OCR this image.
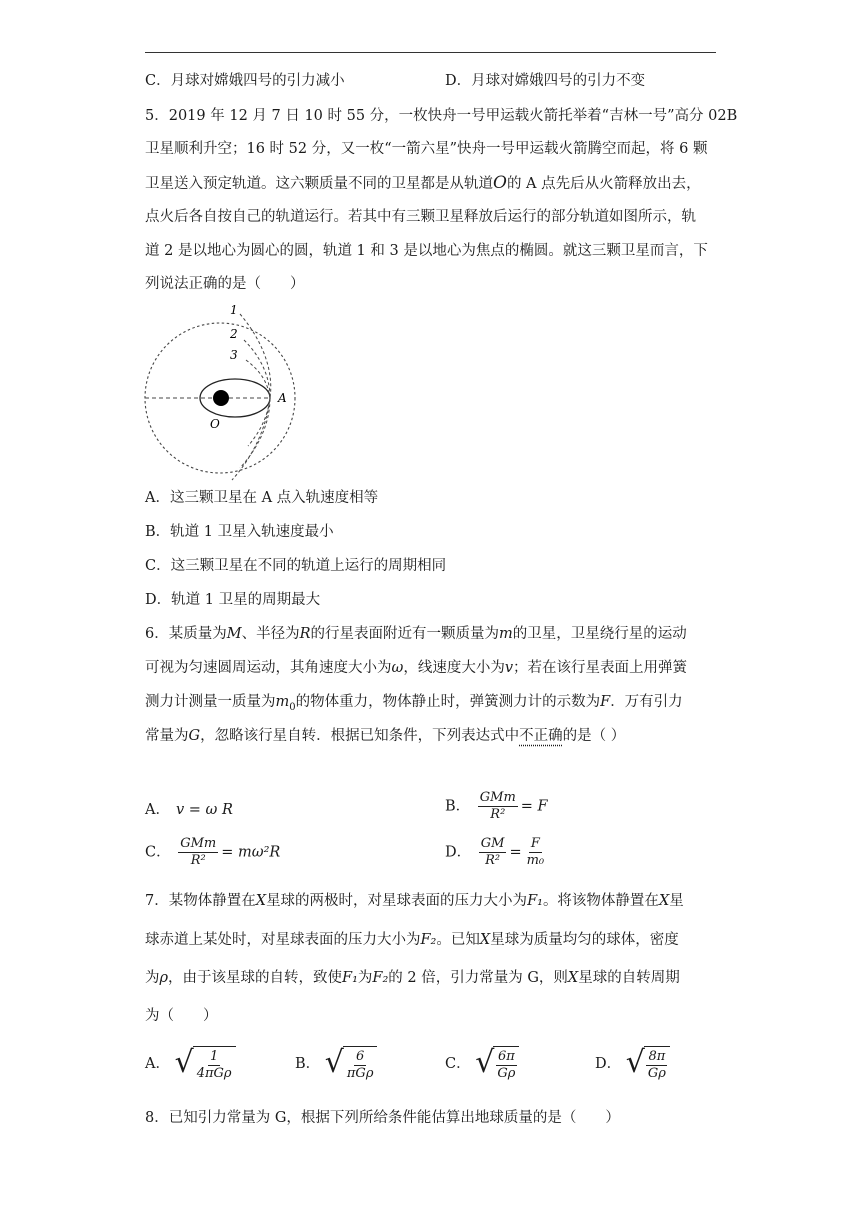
C．月球对嫦娥四号的引力减小	D．月球对嫦娥四号的引力不变
5．2019 年 12 月 7 日 10 时 55 分，一枚快舟一号甲运载火箭托举着“吉林一号”高分 02B
卫星顺利升空；16 时 52 分，又一枚“一箭六星”快舟一号甲运载火箭腾空而起，将 6 颗
卫星送入预定轨道。这六颗质量不同的卫星都是从轨道O的 A 点先后从火箭释放出去，
点火后各自按自己的轨道运行。若其中有三颗卫星释放后运行的部分轨道如图所示，轨
道 2 是以地心为圆心的圆，轨道 1 和 3 是以地心为焦点的椭圆。就这三颗卫星而言，下
列说法正确的是（　　）
1
2
3
A
O
A．这三颗卫星在 A 点入轨速度相等
B．轨道 1 卫星入轨速度最小
C．这三颗卫星在不同的轨道上运行的周期相同
D．轨道 1 卫星的周期最大
6．某质量为M、半径为R的行星表面附近有一颗质量为m的卫星，卫星绕行星的运动
可视为匀速圆周运动，其角速度大小为ω，线速度大小为v；若在该行星表面上用弹簧
测力计测量一质量为$m_0$的物体重力，物体静止时，弹簧测力计的示数为F．万有引力
常量为G，忽略该行星自转．根据已知条件，下列表达式中不正确的是（ ）
A． v = ω R	B． $\frac{\text{GMm}}{\text{R²}} = F$
C． $\frac{\text{GMm}}{\text{R²}} = m\omega^2R$	D． $\frac{GM}{\text{R²}} = \frac{F}{\text{m₀}}$
7．某物体静置在X星球的两极时，对星球表面的压力大小为F₁。将该物体静置在X星
球赤道上某处时，对星球表面的压力大小为F₂。已知X星球为质量均匀的球体，密度
为ρ，由于该星球的自转，致使F₁为F₂的 2 倍，引力常量为 G，则X星球的自转周期
为（　　）
A． √ $\frac{1}{\text{4πGρ}}$	B． √ $\frac{6}{\text{πGρ}}$	C． √ $\frac{6\pi}{G\rho}$	D． √ $\frac{8\pi}{G\rho}$
8．已知引力常量为 G，根据下列所给条件能估算出地球质量的是（　　）
